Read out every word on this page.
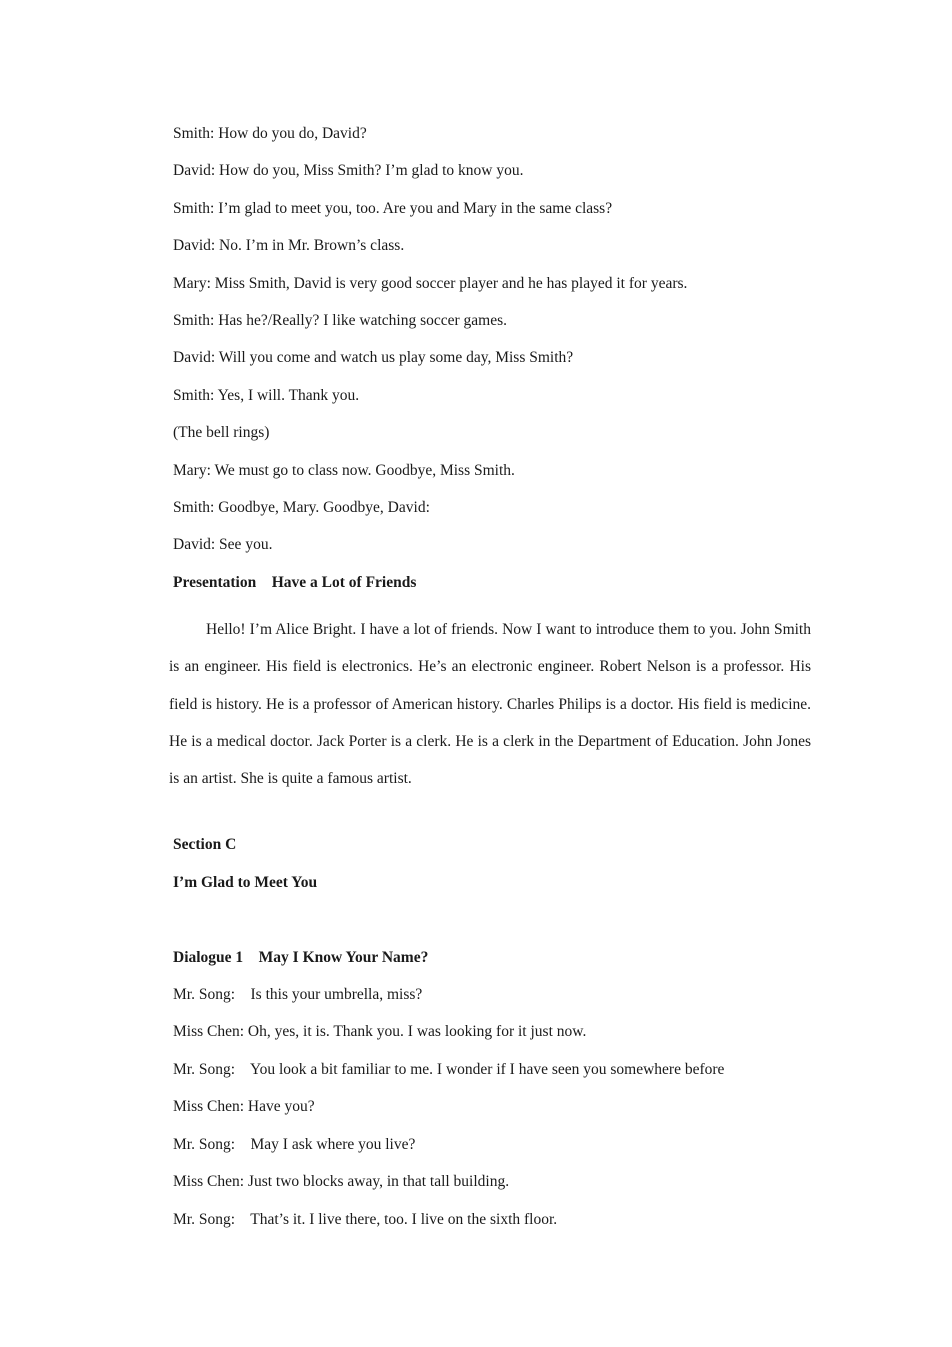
Smith: How do you do, David?
David: How do you, Miss Smith? I’m glad to know you.
Smith: I’m glad to meet you, too. Are you and Mary in the same class?
David: No. I’m in Mr. Brown’s class.
Mary: Miss Smith, David is very good soccer player and he has played it for years.
Smith: Has he?/Really? I like watching soccer games.
David: Will you come and watch us play some day, Miss Smith?
Smith: Yes, I will. Thank you.
(The bell rings)
Mary: We must go to class now. Goodbye, Miss Smith.
Smith: Goodbye, Mary. Goodbye, David:
David: See you.
Presentation    Have a Lot of Friends

Hello! I’m Alice Bright. I have a lot of friends. Now I want to introduce them to you. John Smith is an engineer. His field is electronics. He’s an electronic engineer. Robert Nelson is a professor. His field is history. He is a professor of American history. Charles Philips is a doctor. His field is medicine. He is a medical doctor. Jack Porter is a clerk. He is a clerk in the Department of Education. John Jones is an artist. She is quite a famous artist.

Section C
I’m Glad to Meet You
Dialogue 1    May I Know Your Name?
Mr. Song:    Is this your umbrella, miss?
Miss Chen: Oh, yes, it is. Thank you. I was looking for it just now.
Mr. Song:    You look a bit familiar to me. I wonder if I have seen you somewhere before
Miss Chen: Have you?
Mr. Song:    May I ask where you live?
Miss Chen: Just two blocks away, in that tall building.
Mr. Song:    That’s it. I live there, too. I live on the sixth floor.
